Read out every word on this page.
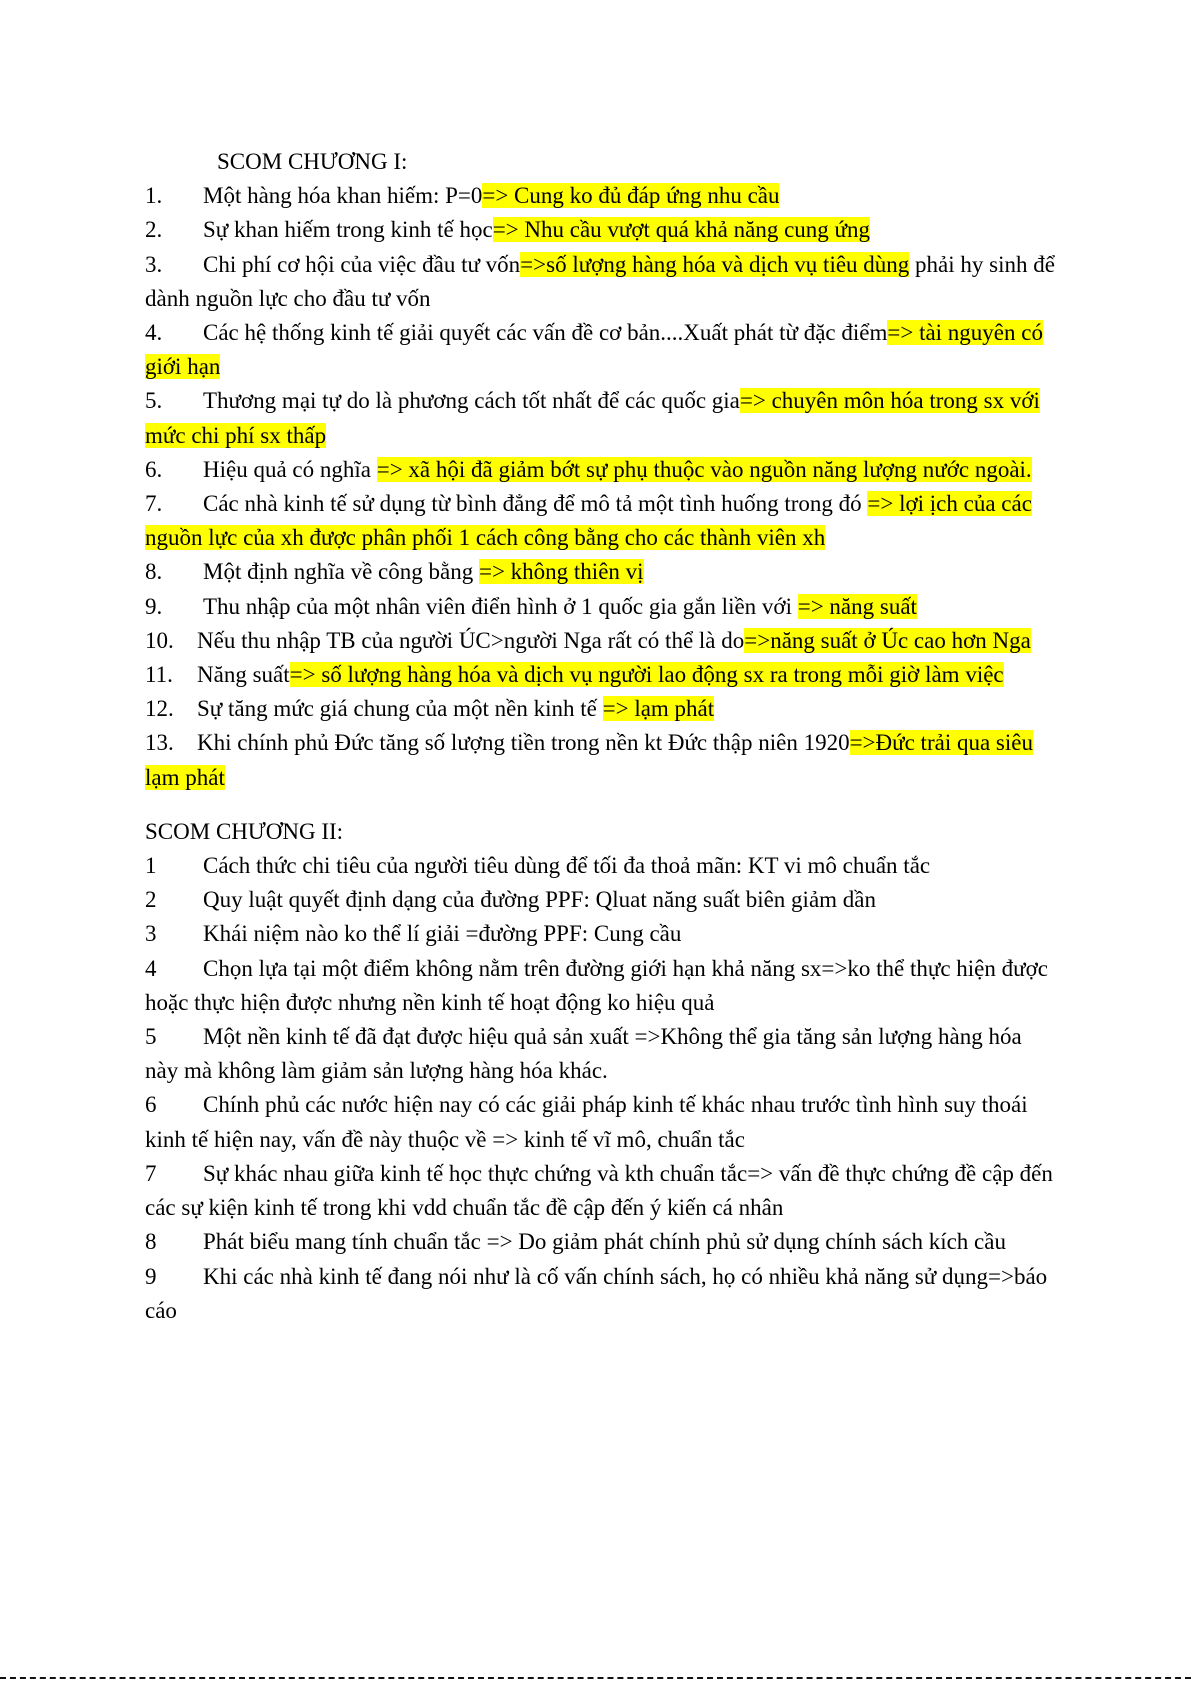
SCOM CHƯƠNG I:

1. Một hàng hóa khan hiếm: P=0=> Cung ko đủ đáp ứng nhu cầu

2. Sự khan hiếm trong kinh tế học=> Nhu cầu vượt quá khả năng cung ứng

3. Chi phí cơ hội của việc đầu tư vốn=>số lượng hàng hóa và dịch vụ tiêu dùng phải hy sinh để dành nguồn lực cho đầu tư vốn

4. Các hệ thống kinh tế giải quyết các vấn đề cơ bản....Xuất phát từ đặc điểm=> tài nguyên có giới hạn

5. Thương mại tự do là phương cách tốt nhất để các quốc gia=> chuyên môn hóa trong sx với mức chi phí sx thấp

6. Hiệu quả có nghĩa => xã hội đã giảm bớt sự phụ thuộc vào nguồn năng lượng nước ngoài.

7. Các nhà kinh tế sử dụng từ bình đẳng để mô tả một tình huống trong đó => lợi ịch của các nguồn lực của xh được phân phối 1 cách công bằng cho các thành viên xh

8. Một định nghĩa về công bằng => không thiên vị

9. Thu nhập của một nhân viên điển hình ở 1 quốc gia gắn liền với => năng suất

10. Nếu thu nhập TB của người ÚC>người Nga rất có thể là do=>năng suất ở Úc cao hơn Nga

11. Năng suất=> số lượng hàng hóa và dịch vụ người lao động sx ra trong mỗi giờ làm việc

12. Sự tăng mức giá chung của một nền kinh tế => lạm phát

13. Khi chính phủ Đức tăng số lượng tiền trong nền kt Đức thập niên 1920=>Đức trải qua siêu lạm phát

SCOM CHƯƠNG II:

1 Cách thức chi tiêu của người tiêu dùng để tối đa thoả mãn: KT vi mô chuẩn tắc

2 Quy luật quyết định dạng của đường PPF: Qluat năng suất biên giảm dần

3 Khái niệm nào ko thể lí giải =đường PPF: Cung cầu

4 Chọn lựa tại một điểm không nằm trên đường giới hạn khả năng sx=>ko thể thực hiện được hoặc thực hiện được nhưng nền kinh tế hoạt động ko hiệu quả

5 Một nền kinh tế đã đạt được hiệu quả sản xuất =>Không thể gia tăng sản lượng hàng hóa này mà không làm giảm sản lượng hàng hóa khác.

6 Chính phủ các nước hiện nay có các giải pháp kinh tế khác nhau trước tình hình suy thoái kinh tế hiện nay, vấn đề này thuộc về => kinh tế vĩ mô, chuẩn tắc

7 Sự khác nhau giữa kinh tế học thực chứng và kth chuẩn tắc=> vấn đề thực chứng đề cập đến các sự kiện kinh tế trong khi vdd chuẩn tắc đề cập đến ý kiến cá nhân

8 Phát biểu mang tính chuẩn tắc => Do giảm phát chính phủ sử dụng chính sách kích cầu

9 Khi các nhà kinh tế đang nói như là cố vấn chính sách, họ có nhiều khả năng sử dụng=>báo cáo
